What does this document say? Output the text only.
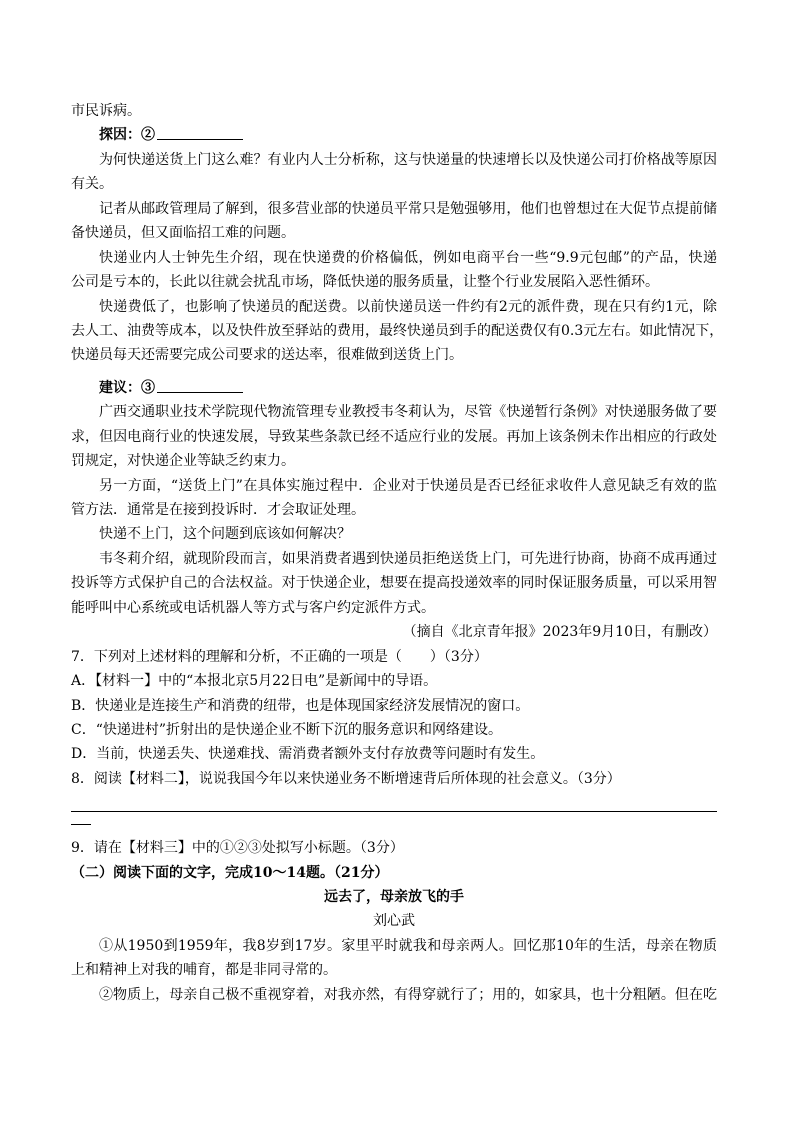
市民诉病。
探因：②
为何快递送货上门这么难？有业内人士分析称，这与快递量的快速增长以及快递公司打价格战等原因
有关。
记者从邮政管理局了解到，很多营业部的快递员平常只是勉强够用，他们也曾想过在大促节点提前储
备快递员，但又面临招工难的问题。
快递业内人士钟先生介绍，现在快递费的价格偏低，例如电商平台一些“9.9元包邮”的产品，快递
公司是亏本的，长此以往就会扰乱市场，降低快递的服务质量，让整个行业发展陷入恶性循环。
快递费低了，也影响了快递员的配送费。以前快递员送一件约有2元的派件费，现在只有约1元，除
去人工、油费等成本，以及快件放至驿站的费用，最终快递员到手的配送费仅有0.3元左右。如此情况下，
快递员每天还需要完成公司要求的送达率，很难做到送货上门。
建议：③
广西交通职业技术学院现代物流管理专业教授韦冬莉认为，尽管《快递暂行条例》对快递服务做了要
求，但因电商行业的快速发展，导致某些条款已经不适应行业的发展。再加上该条例未作出相应的行政处
罚规定，对快递企业等缺乏约束力。
另一方面，“送货上门”在具体实施过程中．企业对于快递员是否已经征求收件人意见缺乏有效的监
管方法．通常是在接到投诉时．才会取证处理。
快递不上门，这个问题到底该如何解决？
韦冬莉介绍，就现阶段而言，如果消费者遇到快递员拒绝送货上门，可先进行协商，协商不成再通过
投诉等方式保护自己的合法权益。对于快递企业，想要在提高投递效率的同时保证服务质量，可以采用智
能呼叫中心系统或电话机器人等方式与客户约定派件方式。
（摘自《北京青年报》2023年9月10日，有删改）
7．下列对上述材料的理解和分析，不正确的一项是（　　）（3分）
A．【材料一】中的“本报北京5月22日电”是新闻中的导语。
B．快递业是连接生产和消费的纽带，也是体现国家经济发展情况的窗口。
C．“快递进村”折射出的是快递企业不断下沉的服务意识和网络建设。
D．当前，快递丢失、快递难找、需消费者额外支付存放费等问题时有发生。
8．阅读【材料二】，说说我国今年以来快递业务不断增速背后所体现的社会意义。（3分）
9．请在【材料三】中的①②③处拟写小标题。（3分）
（二）阅读下面的文字，完成10～14题。（21分）
远去了，母亲放飞的手
刘心武
①从1950到1959年，我8岁到17岁。家里平时就我和母亲两人。回忆那10年的生活，母亲在物质
上和精神上对我的哺育，都是非同寻常的。
②物质上，母亲自己极不重视穿着，对我亦然，有得穿就行了；用的，如家具，也十分粗陋。但在吃
